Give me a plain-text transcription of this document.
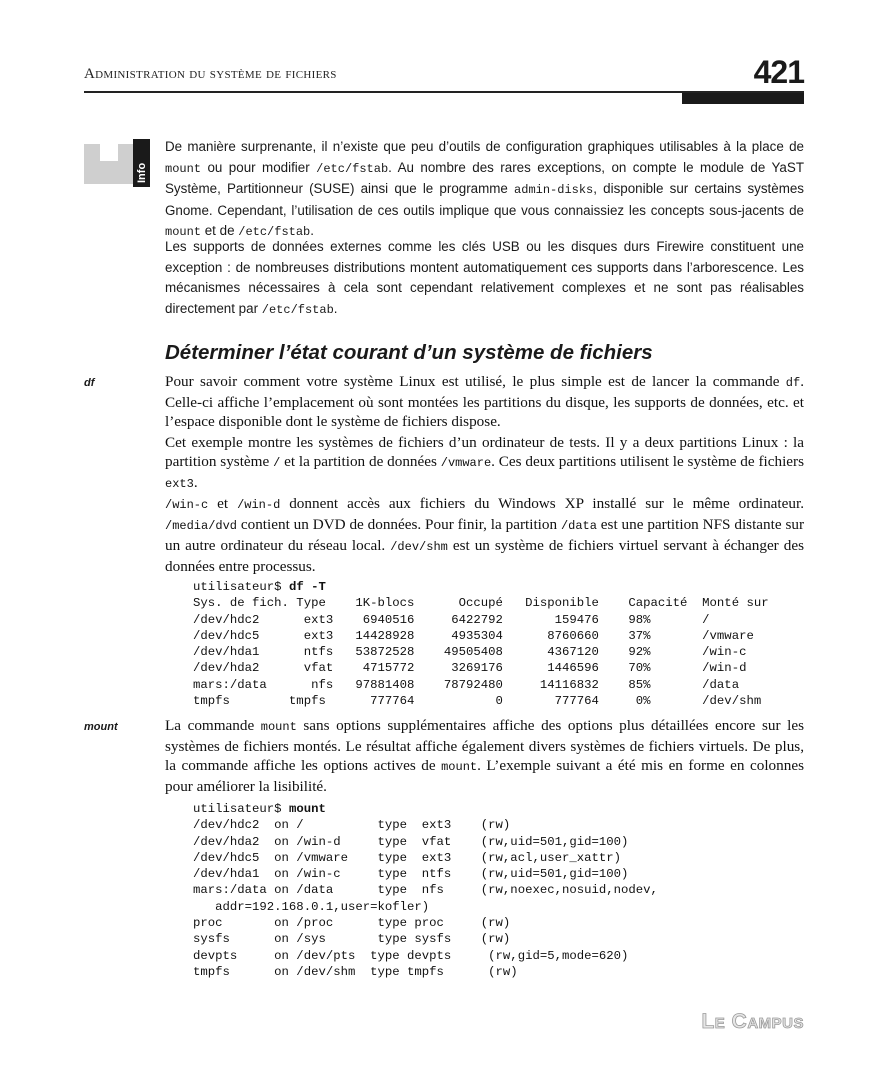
Administration du système de fichiers	421
Info

De manière surprenante, il n’existe que peu d’outils de configuration graphiques utilisables à la place de mount ou pour modifier /etc/fstab. Au nombre des rares exceptions, on compte le module de YaST Système, Partitionneur (SUSE) ainsi que le programme admin-disks, disponible sur certains systèmes Gnome. Cependant, l’utilisation de ces outils implique que vous connaissiez les concepts sous-jacents de mount et de /etc/fstab.

Les supports de données externes comme les clés USB ou les disques durs Firewire constituent une exception : de nombreuses distributions montent automatiquement ces supports dans l’arborescence. Les mécanismes nécessaires à cela sont cependant relativement complexes et ne sont pas réalisables directement par /etc/fstab.

Déterminer l’état courant d’un système de fichiers
df	Pour savoir comment votre système Linux est utilisé, le plus simple est de lancer la commande df. Celle-ci affiche l’emplacement où sont montées les partitions du disque, les supports de données, etc. et l’espace disponible dont le système de fichiers dispose.

Cet exemple montre les systèmes de fichiers d’un ordinateur de tests. Il y a deux partitions Linux : la partition système / et la partition de données /vmware. Ces deux partitions utilisent le système de fichiers ext3.

/win-c et /win-d donnent accès aux fichiers du Windows XP installé sur le même ordinateur. /media/dvd contient un DVD de données. Pour finir, la partition /data est une partition NFS distante sur un autre ordinateur du réseau local. /dev/shm est un système de fichiers virtuel servant à échanger des données entre processus.

utilisateur$ df -T
Sys. de fich. Type    1K-blocs      Occupé   Disponible    Capacité  Monté sur
/dev/hdc2      ext3    6940516     6422792       159476    98%       /
/dev/hdc5      ext3   14428928     4935304      8760660    37%       /vmware
/dev/hda1      ntfs   53872528    49505408      4367120    92%       /win-c
/dev/hda2      vfat    4715772     3269176      1446596    70%       /win-d
mars:/data      nfs   97881408    78792480     14116832    85%       /data
tmpfs        tmpfs      777764           0       777764     0%       /dev/shm
mount	La commande mount sans options supplémentaires affiche des options plus détaillées encore sur les systèmes de fichiers montés. Le résultat affiche également divers systèmes de fichiers virtuels. De plus, la commande affiche les options actives de mount. L’exemple suivant a été mis en forme en colonnes pour améliorer la lisibilité.

utilisateur$ mount
/dev/hdc2  on /          type  ext3    (rw)
/dev/hda2  on /win-d     type  vfat    (rw,uid=501,gid=100)
/dev/hdc5  on /vmware    type  ext3    (rw,acl,user_xattr)
/dev/hda1  on /win-c     type  ntfs    (rw,uid=501,gid=100)
mars:/data on /data      type  nfs     (rw,noexec,nosuid,nodev,
addr=192.168.0.1,user=kofler)
proc       on /proc      type proc     (rw)
sysfs      on /sys       type sysfs    (rw)
devpts     on /dev/pts  type devpts     (rw,gid=5,mode=620)
tmpfs      on /dev/shm  type tmpfs      (rw)
Le Campus
